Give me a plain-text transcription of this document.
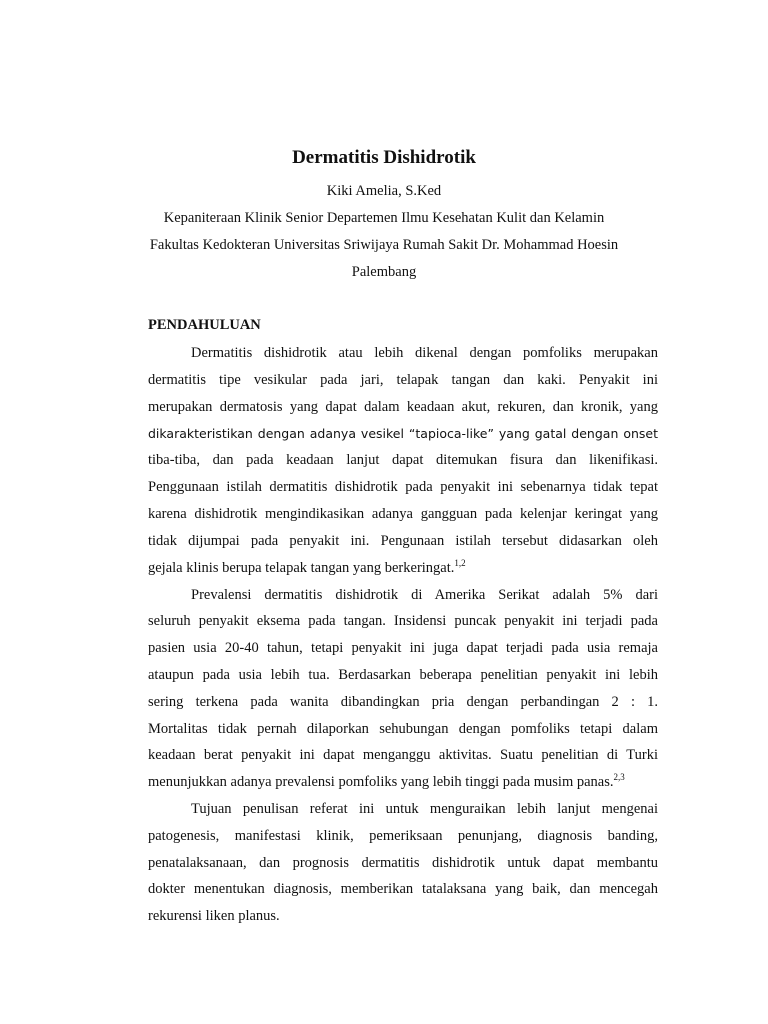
Dermatitis Dishidrotik
Kiki Amelia, S.Ked
Kepaniteraan Klinik Senior Departemen Ilmu Kesehatan Kulit dan Kelamin
Fakultas Kedokteran Universitas Sriwijaya Rumah Sakit Dr. Mohammad Hoesin
Palembang
PENDAHULUAN
Dermatitis dishidrotik atau lebih dikenal dengan pomfoliks merupakan
dermatitis tipe vesikular pada jari, telapak tangan dan kaki. Penyakit ini
merupakan dermatosis yang dapat dalam keadaan akut, rekuren, dan kronik, yang
dikarakteristikan dengan adanya vesikel “tapioca-like” yang gatal dengan onset
tiba-tiba, dan pada keadaan lanjut dapat ditemukan fisura dan likenifikasi.
Penggunaan istilah dermatitis dishidrotik pada penyakit ini sebenarnya tidak tepat
karena dishidrotik mengindikasikan adanya gangguan pada kelenjar keringat yang
tidak dijumpai pada penyakit ini. Pengunaan istilah tersebut didasarkan oleh
gejala klinis berupa telapak tangan yang berkeringat.$^{1,2}$
Prevalensi dermatitis dishidrotik di Amerika Serikat adalah 5% dari
seluruh penyakit eksema pada tangan. Insidensi puncak penyakit ini terjadi pada
pasien usia 20-40 tahun, tetapi penyakit ini juga dapat terjadi pada usia remaja
ataupun pada usia lebih tua. Berdasarkan beberapa penelitian penyakit ini lebih
sering terkena pada wanita dibandingkan pria dengan perbandingan 2 : 1.
Mortalitas tidak pernah dilaporkan sehubungan dengan pomfoliks tetapi dalam
keadaan berat penyakit ini dapat menganggu aktivitas. Suatu penelitian di Turki
menunjukkan adanya prevalensi pomfoliks yang lebih tinggi pada musim panas.$^{2,3}$
Tujuan penulisan referat ini untuk menguraikan lebih lanjut mengenai
patogenesis, manifestasi klinik, pemeriksaan penunjang, diagnosis banding,
penatalaksanaan, dan prognosis dermatitis dishidrotik untuk dapat membantu
dokter menentukan diagnosis, memberikan tatalaksana yang baik, dan mencegah
rekurensi liken planus.
